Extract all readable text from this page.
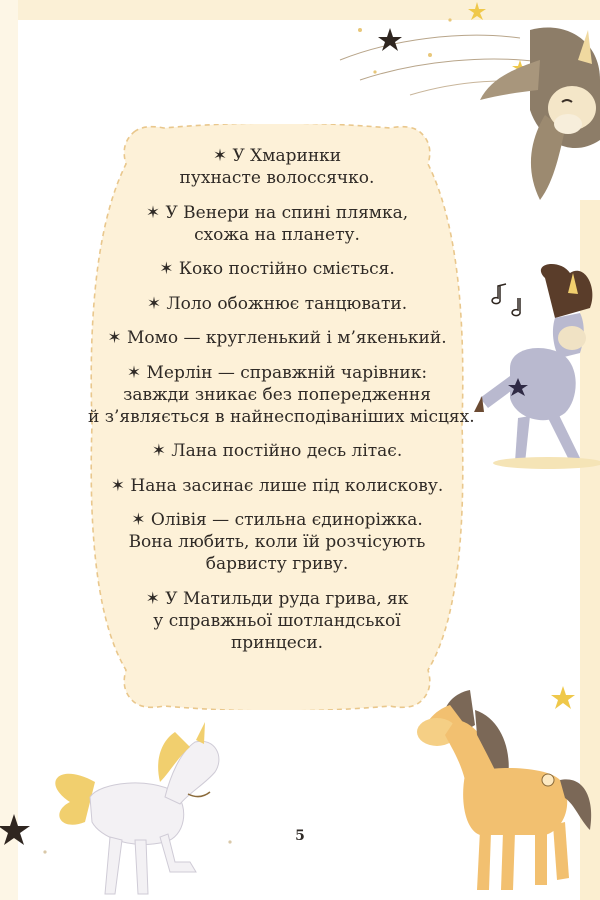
✶ У Хмаринки
пухнасте волоссячко.
✶ У Венери на спині плямка,
схожа на планету.
✶ Коко постійно сміється.
✶ Лоло обожнює танцювати.
✶ Момо — кругленький і м’якенький.
✶ Мерлін — справжній чарівник:
завжди зникає без попередження
й з’являється в найнесподіваніших місцях.
✶ Лана постійно десь літає.
✶ Нана засинає лише під колискову.
✶ Олівія — стильна єдиноріжка.
Вона любить, коли їй розчісують
барвисту гриву.
✶ У Матильди руда грива, як
у справжньої шотландської
принцеси.
5
